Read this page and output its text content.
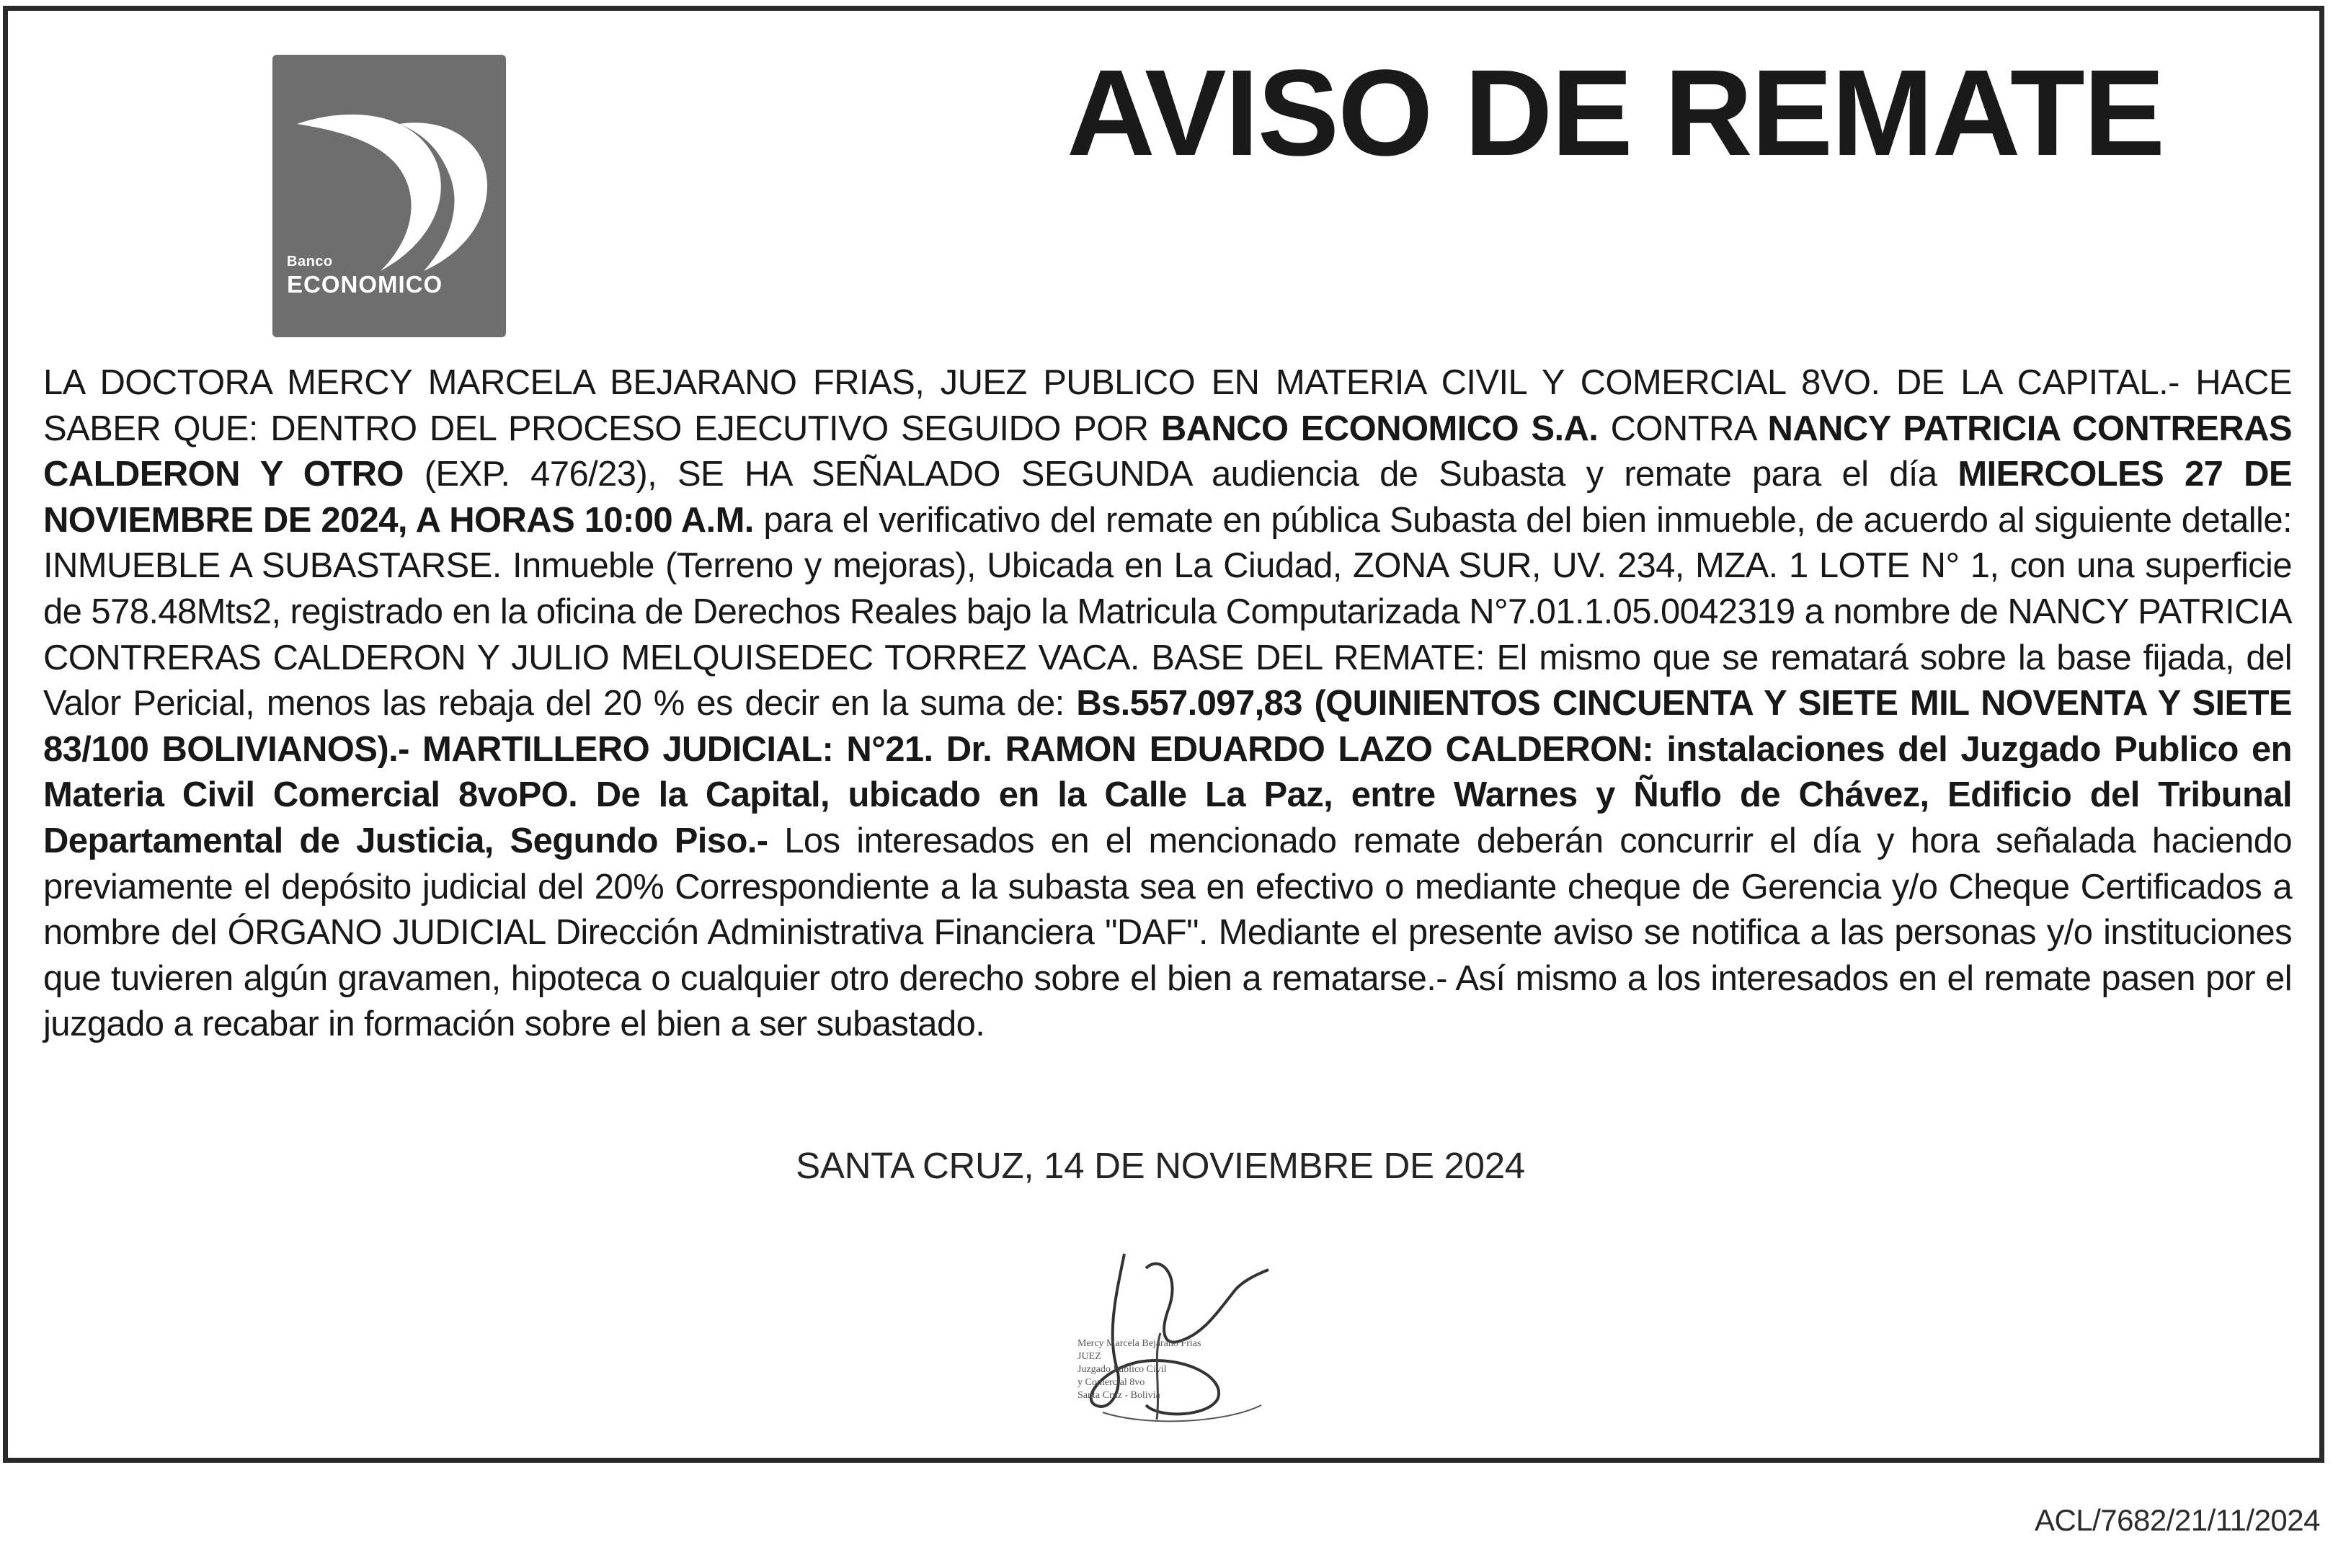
Banco
ECONOMICO
AVISO DE REMATE
LA DOCTORA MERCY MARCELA BEJARANO FRIAS, JUEZ PUBLICO EN MATERIA CIVIL Y COMERCIAL 8VO. DE LA CAPITAL.- HACE SABER QUE: DENTRO DEL PROCESO EJECUTIVO SEGUIDO POR BANCO ECONOMICO S.A. CONTRA NANCY PATRICIA CONTRERAS CALDERON Y OTRO (EXP. 476/23), SE HA SEÑALADO SEGUNDA audiencia de Subasta y remate para el día MIERCOLES 27 DE NOVIEMBRE DE 2024, A HORAS 10:00 A.M. para el verificativo del remate en pública Subasta del bien inmueble, de acuerdo al siguiente detalle: INMUEBLE A SUBASTARSE. Inmueble (Terreno y mejoras), Ubicada en La Ciudad, ZONA SUR, UV. 234, MZA. 1 LOTE N° 1, con una superficie de 578.48Mts2, registrado en la oficina de Derechos Reales bajo la Matricula Computarizada N°7.01.1.05.0042319 a nombre de NANCY PATRICIA CONTRERAS CALDERON Y JULIO MELQUISEDEC TORREZ VACA. BASE DEL REMATE: El mismo que se rematará sobre la base fijada, del Valor Pericial, menos las rebaja del 20 % es decir en la suma de: Bs.557.097,83 (QUINIENTOS CINCUENTA Y SIETE MIL NOVENTA Y SIETE 83/100 BOLIVIANOS).- MARTILLERO JUDICIAL: N°21. Dr. RAMON EDUARDO LAZO CALDERON: instalaciones del Juzgado Publico en Materia Civil Comercial 8voPO. De la Capital, ubicado en la Calle La Paz, entre Warnes y Ñuflo de Chávez, Edificio del Tribunal Departamental de Justicia, Segundo Piso.- Los interesados en el mencionado remate deberán concurrir el día y hora señalada haciendo previamente el depósito judicial del 20% Correspondiente a la subasta sea en efectivo o mediante cheque de Gerencia y/o Cheque Certificados a nombre del ÓRGANO JUDICIAL Dirección Administrativa Financiera "DAF". Mediante el presente aviso se notifica a las personas y/o instituciones que tuvieren algún gravamen, hipoteca o cualquier otro derecho sobre el bien a rematarse.- Así mismo a los interesados en el remate pasen por el juzgado a recabar in formación sobre el bien a ser subastado.
SANTA CRUZ, 14 DE NOVIEMBRE DE 2024
Mercy Marcela Bejarano Frias
JUEZ
Juzgado Publico Civil
y Comercial 8vo
Santa Cruz - Bolivia
ACL/7682/21/11/2024
